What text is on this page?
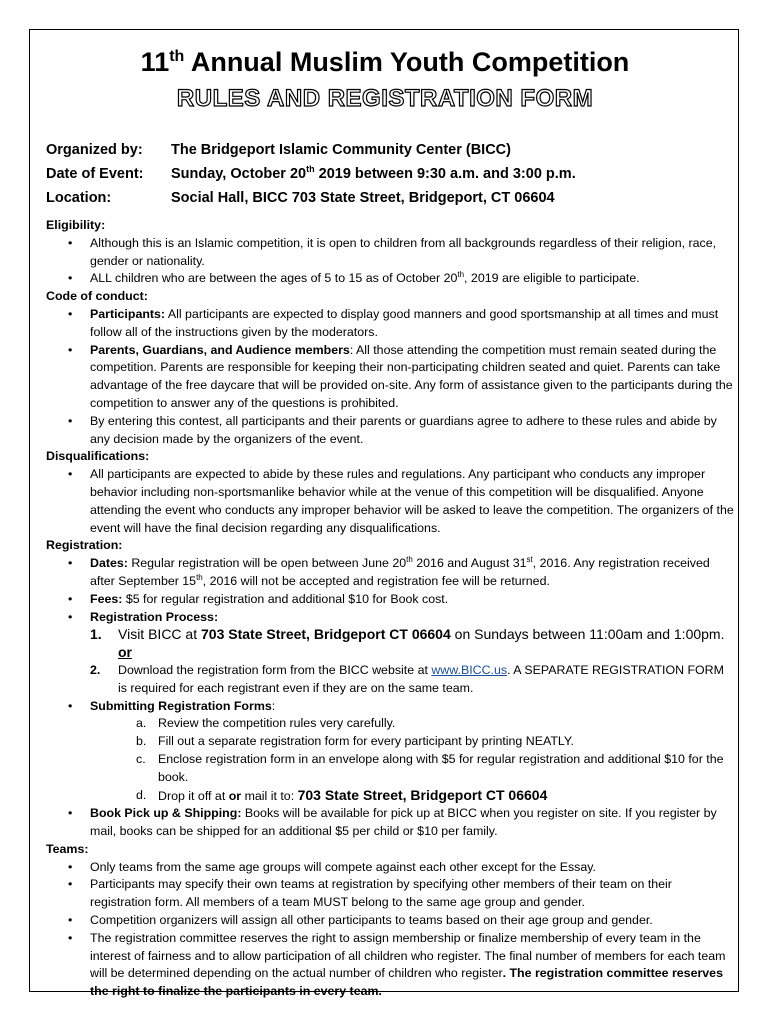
11th Annual Muslim Youth Competition
RULES AND REGISTRATION FORM
Organized by: The Bridgeport Islamic Community Center (BICC)
Date of Event: Sunday, October 20th 2019 between 9:30 a.m. and 3:00 p.m.
Location:	Social Hall, BICC 703 State Street, Bridgeport, CT 06604
Eligibility:
• Although this is an Islamic competition, it is open to children from all backgrounds regardless of their religion, race, gender or nationality.
• ALL children who are between the ages of 5 to 15 as of October 20th, 2019 are eligible to participate.
Code of conduct:
• Participants: All participants are expected to display good manners and good sportsmanship at all times and must follow all of the instructions given by the moderators.
• Parents, Guardians, and Audience members: All those attending the competition must remain seated during the competition. Parents are responsible for keeping their non-participating children seated and quiet. Parents can take advantage of the free daycare that will be provided on-site. Any form of assistance given to the participants during the competition to answer any of the questions is prohibited.
• By entering this contest, all participants and their parents or guardians agree to adhere to these rules and abide by any decision made by the organizers of the event.
Disqualifications:
• All participants are expected to abide by these rules and regulations. Any participant who conducts any improper behavior including non-sportsmanlike behavior while at the venue of this competition will be disqualified. Anyone attending the event who conducts any improper behavior will be asked to leave the competition. The organizers of the event will have the final decision regarding any disqualifications.
Registration:
• Dates: Regular registration will be open between June 20th 2016 and August 31st, 2016. Any registration received after September 15th, 2016 will not be accepted and registration fee will be returned.
• Fees: $5 for regular registration and additional $10 for Book cost.
• Registration Process:
1. Visit BICC at 703 State Street, Bridgeport CT 06604 on Sundays between 11:00am and 1:00pm. or
2. Download the registration form from the BICC website at www.BICC.us. A SEPARATE REGISTRATION FORM is required for each registrant even if they are on the same team.
• Submitting Registration Forms:
a. Review the competition rules very carefully.
b. Fill out a separate registration form for every participant by printing NEATLY.
c. Enclose registration form in an envelope along with $5 for regular registration and additional $10 for the book.
d. Drop it off at or mail it to: 703 State Street, Bridgeport CT 06604
• Book Pick up & Shipping: Books will be available for pick up at BICC when you register on site. If you register by mail, books can be shipped for an additional $5 per child or $10 per family.
Teams:
• Only teams from the same age groups will compete against each other except for the Essay.
• Participants may specify their own teams at registration by specifying other members of their team on their registration form. All members of a team MUST belong to the same age group and gender.
• Competition organizers will assign all other participants to teams based on their age group and gender.
• The registration committee reserves the right to assign membership or finalize membership of every team in the interest of fairness and to allow participation of all children who register. The final number of members for each team will be determined depending on the actual number of children who register. The registration committee reserves the right to finalize the participants in every team.
